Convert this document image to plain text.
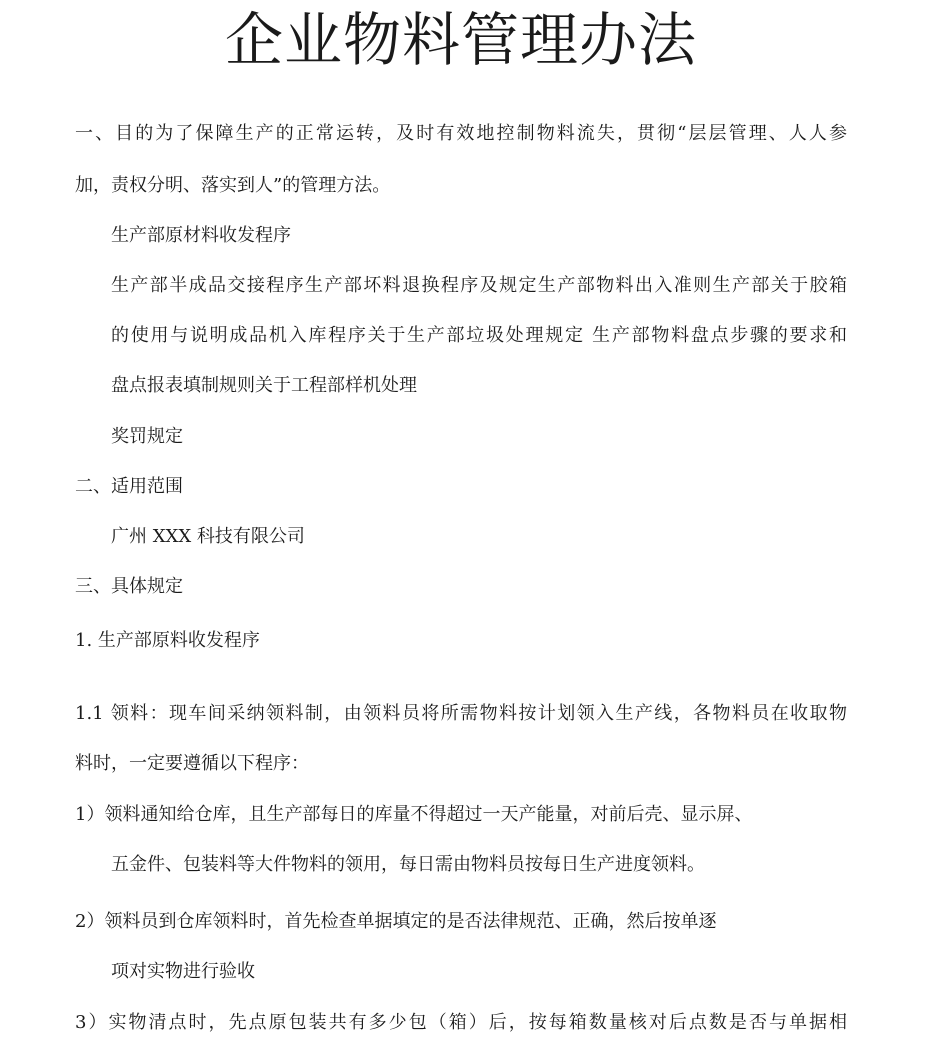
企业物料管理办法
一、目的为了保障生产的正常运转，及时有效地控制物料流失，贯彻“层层管理、人人参
加，责权分明、落实到人”的管理方法。
生产部原材料收发程序
生产部半成品交接程序生产部坏料退换程序及规定生产部物料出入准则生产部关于胶箱
的使用与说明成品机入库程序关于生产部垃圾处理规定 生产部物料盘点步骤的要求和
盘点报表填制规则关于工程部样机处理
奖罚规定
二、适用范围
广州 XXX 科技有限公司
三、具体规定
1. 生产部原料收发程序
1.1 领料：现车间采纳领料制，由领料员将所需物料按计划领入生产线，各物料员在收取物
料时，一定要遵循以下程序：
1）领料通知给仓库，且生产部每日的库量不得超过一天产能量，对前后壳、显示屏、
五金件、包装料等大件物料的领用，每日需由物料员按每日生产进度领料。
2）领料员到仓库领料时，首先检查单据填定的是否法律规范、正确，然后按单逐
项对实物进行验收
3）实物清点时，先点原包装共有多少包（箱）后，按每箱数量核对后点数是否与单据相
